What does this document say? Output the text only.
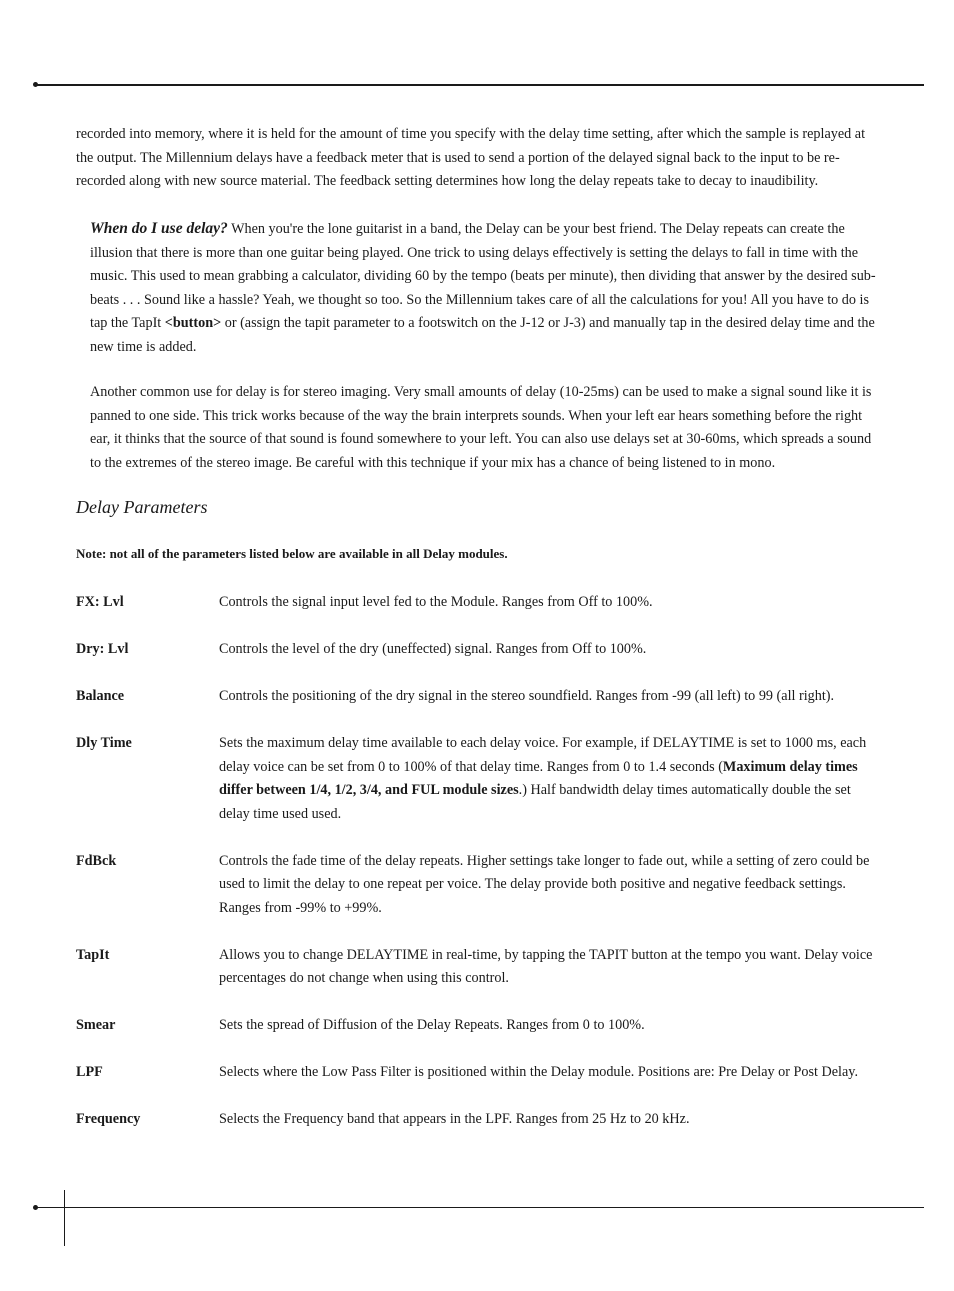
recorded into memory, where it is held for the amount of time you specify with the delay time setting, after which the sample is replayed at the output. The Millennium delays have a feedback meter that is used to send a portion of the delayed signal back to the input to be re-recorded along with new source material. The feedback setting determines how long the delay repeats take to decay to inaudibility.

When do I use delay? When you're the lone guitarist in a band, the Delay can be your best friend. The Delay repeats can create the illusion that there is more than one guitar being played. One trick to using delays effectively is setting the delays to fall in time with the music. This used to mean grabbing a calculator, dividing 60 by the tempo (beats per minute), then dividing that answer by the desired sub-beats . . . Sound like a hassle? Yeah, we thought so too. So the Millennium takes care of all the calculations for you! All you have to do is tap the TapIt <button> or (assign the tapit parameter to a footswitch on the J-12 or J-3) and manually tap in the desired delay time and the new time is added.

Another common use for delay is for stereo imaging. Very small amounts of delay (10-25ms) can be used to make a signal sound like it is panned to one side. This trick works because of the way the brain interprets sounds. When your left ear hears something before the right ear, it thinks that the source of that sound is found somewhere to your left. You can also use delays set at 30-60ms, which spreads a sound to the extremes of the stereo image. Be careful with this technique if your mix has a chance of being listened to in mono.

Delay Parameters

Note: not all of the parameters listed below are available in all Delay modules.

FX: Lvl	Controls the signal input level fed to the Module. Ranges from Off to 100%.
Dry: Lvl	Controls the level of the dry (uneffected) signal. Ranges from Off to 100%.
Balance	Controls the positioning of the dry signal in the stereo soundfield. Ranges from -99 (all left) to 99 (all right).
Dly Time	Sets the maximum delay time available to each delay voice. For example, if DELAYTIME is set to 1000 ms, each delay voice can be set from 0 to 100% of that delay time. Ranges from 0 to 1.4 seconds (Maximum delay times differ between 1/4, 1/2, 3/4, and FUL module sizes.) Half bandwidth delay times automatically double the set delay time used used.
FdBck	Controls the fade time of the delay repeats. Higher settings take longer to fade out, while a setting of zero could be used to limit the delay to one repeat per voice. The delay provide both positive and negative feedback settings. Ranges from -99% to +99%.
TapIt	Allows you to change DELAYTIME in real-time, by tapping the TAPIT button at the tempo you want. Delay voice percentages do not change when using this control.
Smear	Sets the spread of Diffusion of the Delay Repeats. Ranges from 0 to 100%.
LPF	Selects where the Low Pass Filter is positioned within the Delay module. Positions are: Pre Delay or Post Delay.
Frequency	Selects the Frequency band that appears in the LPF. Ranges from 25 Hz to 20 kHz.
